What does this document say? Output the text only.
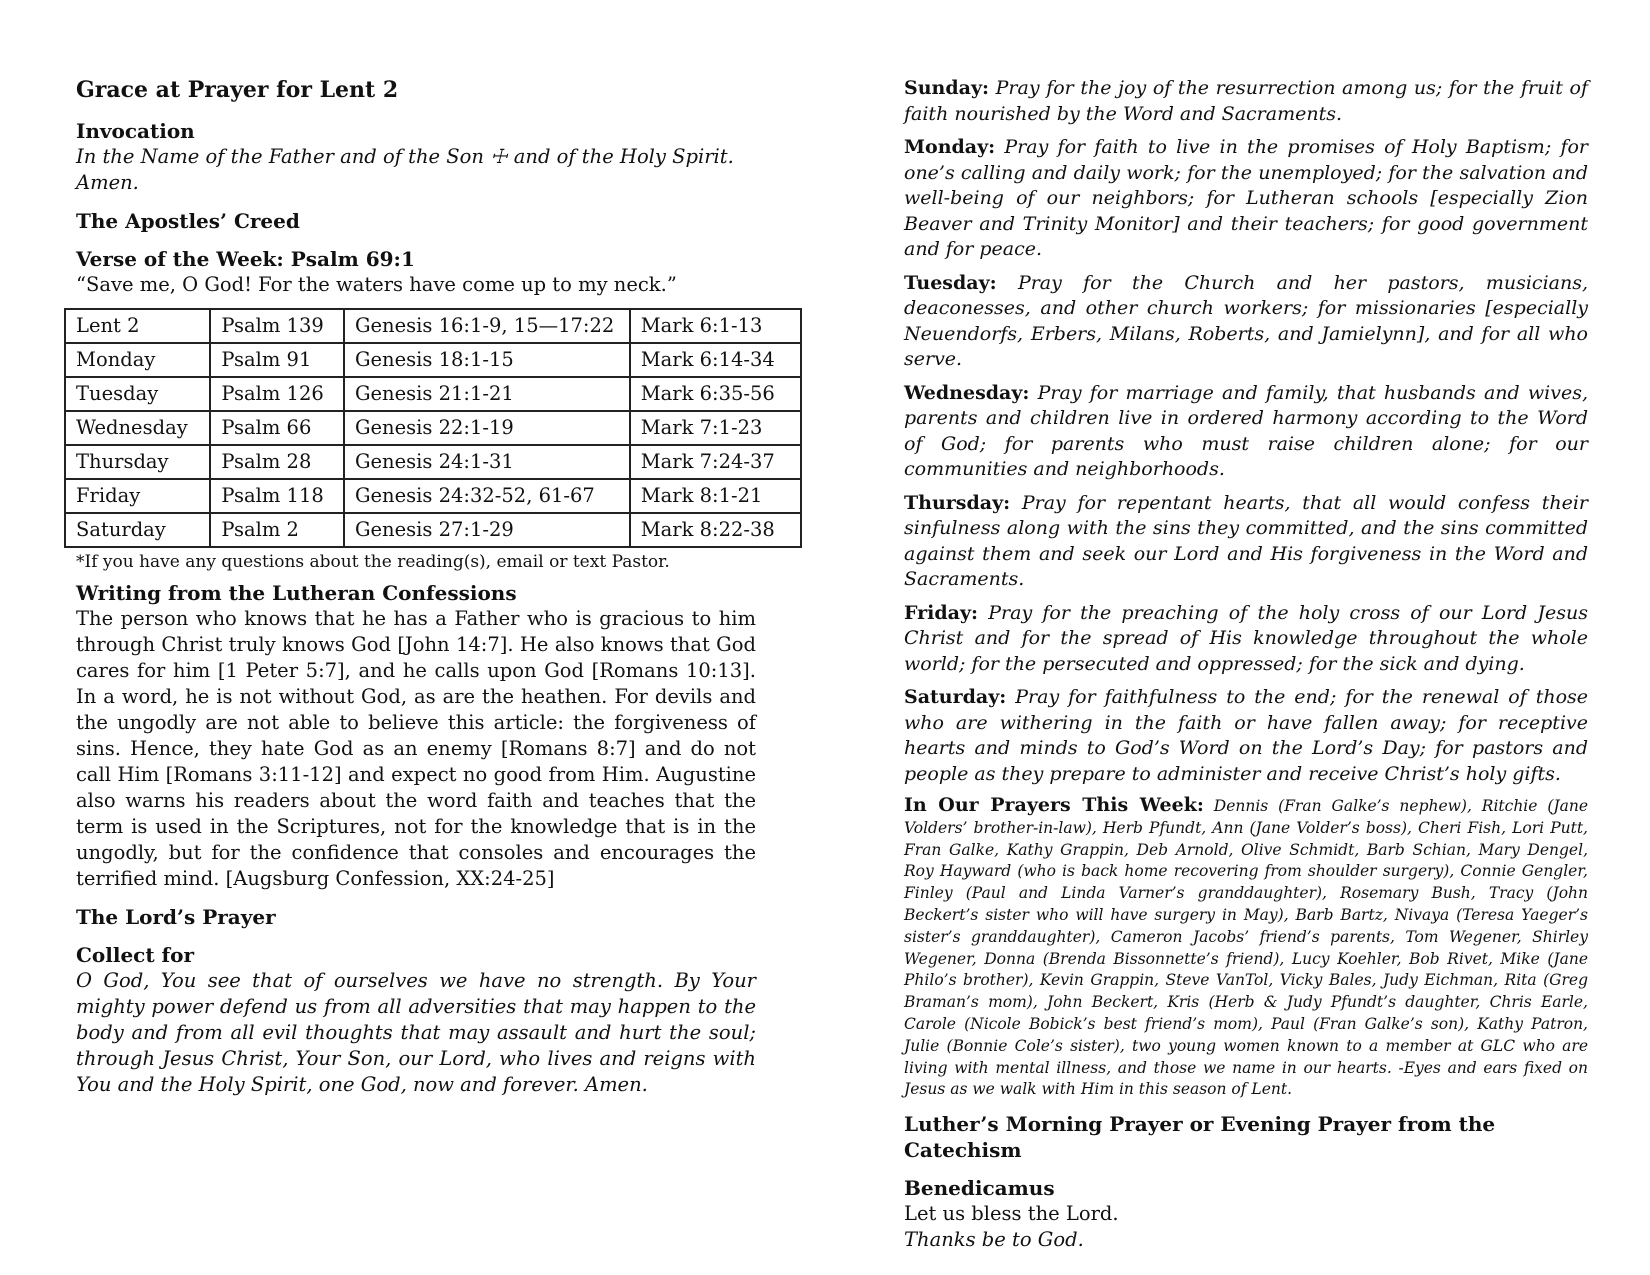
Grace at Prayer for Lent 2
Invocation
In the Name of the Father and of the Son ☩ and of the Holy Spirit. Amen.
The Apostles’ Creed
Verse of the Week: Psalm 69:1
“Save me, O God! For the waters have come up to my neck.”
Lent 2	Psalm 139	Genesis 16:1-9, 15—17:22	Mark 6:1-13
Monday	Psalm 91	Genesis 18:1-15	Mark 6:14-34
Tuesday	Psalm 126	Genesis 21:1-21	Mark 6:35-56
Wednesday	Psalm 66	Genesis 22:1-19	Mark 7:1-23
Thursday	Psalm 28	Genesis 24:1-31	Mark 7:24-37
Friday	Psalm 118	Genesis 24:32-52, 61-67	Mark 8:1-21
Saturday	Psalm 2	Genesis 27:1-29	Mark 8:22-38
*If you have any questions about the reading(s), email or text Pastor.
Writing from the Lutheran Confessions
The person who knows that he has a Father who is gracious to him through Christ truly knows God [John 14:7]. He also knows that God cares for him [1 Peter 5:7], and he calls upon God [Romans 10:13]. In a word, he is not without God, as are the heathen. For devils and the ungodly are not able to believe this article: the forgiveness of sins. Hence, they hate God as an enemy [Romans 8:7] and do not call Him [Romans 3:11-12] and expect no good from Him. Augustine also warns his readers about the word faith and teaches that the term is used in the Scriptures, not for the knowledge that is in the ungodly, but for the confidence that consoles and encourages the terrified mind. [Augsburg Confession, XX:24-25]
The Lord’s Prayer
Collect for
O God, You see that of ourselves we have no strength. By Your mighty power defend us from all adversities that may happen to the body and from all evil thoughts that may assault and hurt the soul; through Jesus Christ, Your Son, our Lord, who lives and reigns with You and the Holy Spirit, one God, now and forever. Amen.
Sunday: Pray for the joy of the resurrection among us; for the fruit of faith nourished by the Word and Sacraments.
Monday: Pray for faith to live in the promises of Holy Baptism; for one’s calling and daily work; for the unemployed; for the salvation and well-being of our neighbors; for Lutheran schools [especially Zion Beaver and Trinity Monitor] and their teachers; for good government and for peace.
Tuesday: Pray for the Church and her pastors, musicians, deaconesses, and other church workers; for missionaries [especially Neuendorfs, Erbers, Milans, Roberts, and Jamielynn], and for all who serve.
Wednesday: Pray for marriage and family, that husbands and wives, parents and children live in ordered harmony according to the Word of God; for parents who must raise children alone; for our communities and neighborhoods.
Thursday: Pray for repentant hearts, that all would confess their sinfulness along with the sins they committed, and the sins committed against them and seek our Lord and His forgiveness in the Word and Sacraments.
Friday: Pray for the preaching of the holy cross of our Lord Jesus Christ and for the spread of His knowledge throughout the whole world; for the persecuted and oppressed; for the sick and dying.
Saturday: Pray for faithfulness to the end; for the renewal of those who are withering in the faith or have fallen away; for receptive hearts and minds to God’s Word on the Lord’s Day; for pastors and people as they prepare to administer and receive Christ’s holy gifts.
In Our Prayers This Week: Dennis (Fran Galke’s nephew), Ritchie (Jane Volders’ brother-in-law), Herb Pfundt, Ann (Jane Volder’s boss), Cheri Fish, Lori Putt, Fran Galke, Kathy Grappin, Deb Arnold, Olive Schmidt, Barb Schian, Mary Dengel, Roy Hayward (who is back home recovering from shoulder surgery), Connie Gengler, Finley (Paul and Linda Varner’s granddaughter), Rosemary Bush, Tracy (John Beckert’s sister who will have surgery in May), Barb Bartz, Nivaya (Teresa Yaeger’s sister’s granddaughter), Cameron Jacobs’ friend’s parents, Tom Wegener, Shirley Wegener, Donna (Brenda Bissonnette’s friend), Lucy Koehler, Bob Rivet, Mike (Jane Philo’s brother), Kevin Grappin, Steve VanTol, Vicky Bales, Judy Eichman, Rita (Greg Braman’s mom), John Beckert, Kris (Herb & Judy Pfundt’s daughter, Chris Earle, Carole (Nicole Bobick’s best friend’s mom), Paul (Fran Galke’s son), Kathy Patron, Julie (Bonnie Cole’s sister), two young women known to a member at GLC who are living with mental illness, and those we name in our hearts. -Eyes and ears fixed on Jesus as we walk with Him in this season of Lent.
Luther’s Morning Prayer or Evening Prayer from the Catechism
Benedicamus
Let us bless the Lord.
Thanks be to God.
